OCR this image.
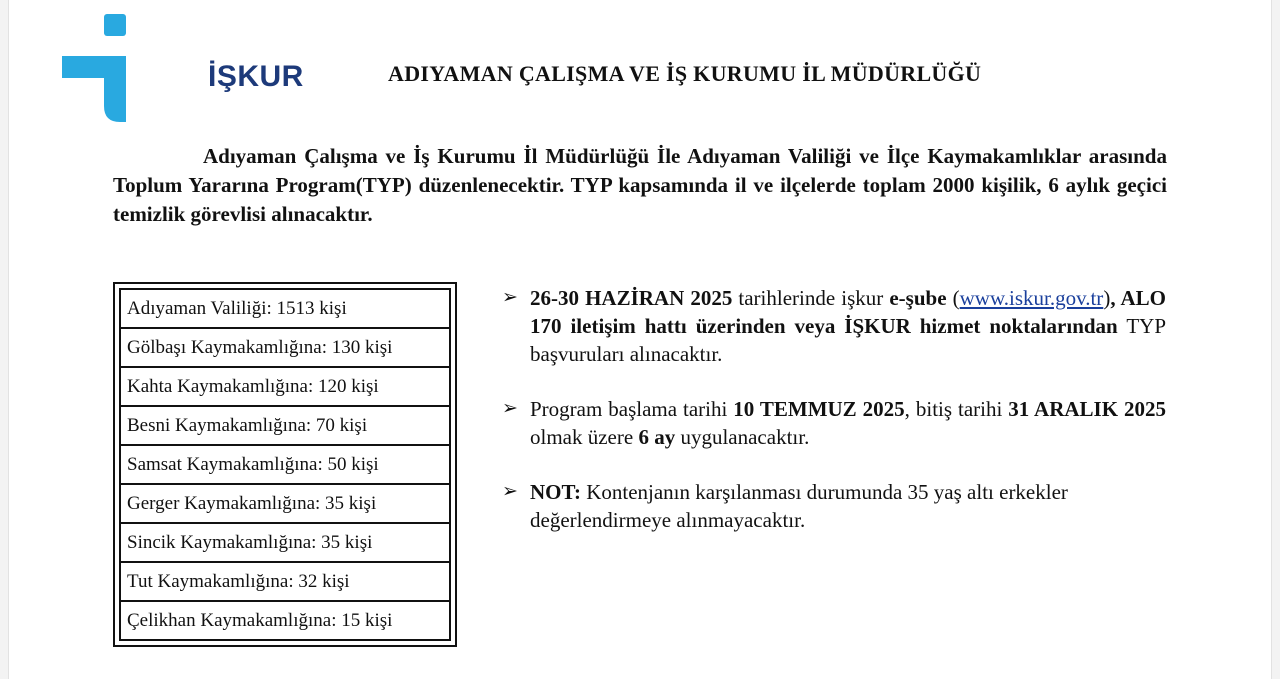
İŞKUR	ADIYAMAN ÇALIŞMA VE İŞ KURUMU İL MÜDÜRLÜĞÜ

Adıyaman Çalışma ve İş Kurumu İl Müdürlüğü İle Adıyaman Valiliği ve İlçe Kaymakamlıklar arasında Toplum Yararına Program(TYP) düzenlenecektir. TYP kapsamında il ve ilçelerde toplam 2000 kişilik, 6 aylık geçici temizlik görevlisi alınacaktır.

Adıyaman Valiliği: 1513 kişi
Gölbaşı Kaymakamlığına: 130 kişi
Kahta Kaymakamlığına: 120 kişi
Besni Kaymakamlığına: 70 kişi
Samsat Kaymakamlığına: 50 kişi
Gerger Kaymakamlığına: 35 kişi
Sincik Kaymakamlığına: 35 kişi
Tut Kaymakamlığına: 32 kişi
Çelikhan Kaymakamlığına: 15 kişi
➢ 26-30 HAZİRAN 2025 tarihlerinde işkur e-şube (www.iskur.gov.tr), ALO 170 iletişim hattı üzerinden veya İŞKUR hizmet noktalarından TYP başvuruları alınacaktır.

➢ Program başlama tarihi 10 TEMMUZ 2025, bitiş tarihi 31 ARALIK 2025 olmak üzere 6 ay uygulanacaktır.

➢ NOT: Kontenjanın karşılanması durumunda 35 yaş altı erkekler değerlendirmeye alınmayacaktır.
